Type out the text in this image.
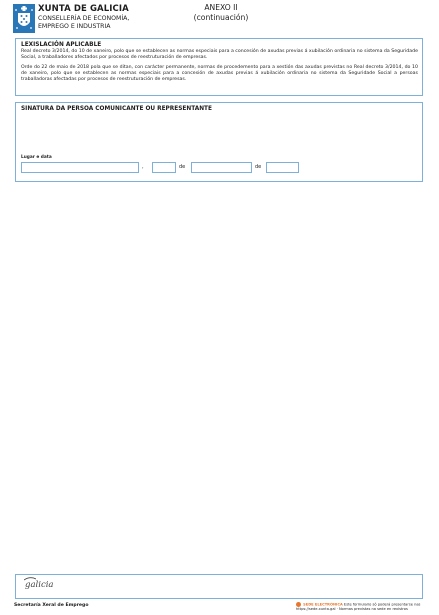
XUNTA DE GALICIA
CONSELLERÍA DE ECONOMÍA,
EMPREGO E INDUSTRIA
ANEXO II
(continuación)
LEXISLACIÓN APLICABLE

Real decreto 3/2014, do 10 de xaneiro, polo que se establecen as normas especiais para a concesión de axudas previas á xubilación ordinaria no sistema da Seguridade Social, a traballadores afectados por procesos de reestruturación de empresas.

Orde do 22 de maio de 2018 pola que se ditan, con carácter permanente, normas de procedemento para a xestión das axudas previstas no Real decreto 3/2014, do 10 de xaneiro, polo que se establecen as normas especiais para a concesión de axudas previas á xubilación ordinaria no sistema da Seguridade Social a persoas traballadoras afectadas por procesos de reestruturación de empresas.

SINATURA DA PERSOA COMUNICANTE OU REPRESENTANTE
Lugar e data
,	de	de
galicia
Secretaría Xeral de Emprego	SEDE ELECTRÓNICA Este formulario só poderá presentarse nas
https://sede.xunta.gal · Normas previstas na sede en rexistros
